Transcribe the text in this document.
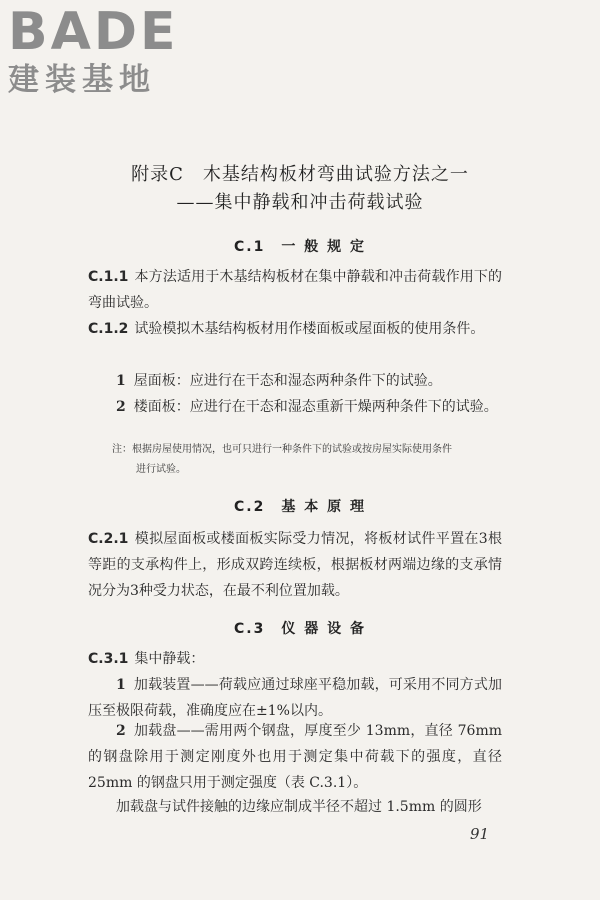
BADE
建装基地
附录C　木基结构板材弯曲试验方法之一
——集中静载和冲击荷载试验
C.1　一 般 规 定
C.1.1 本方法适用于木基结构板材在集中静载和冲击荷载作用下的弯曲试验。
C.1.2 试验模拟木基结构板材用作楼面板或屋面板的使用条件。
1 屋面板：应进行在干态和湿态两种条件下的试验。
2 楼面板：应进行在干态和湿态重新干燥两种条件下的试验。
注：根据房屋使用情况，也可只进行一种条件下的试验或按房屋实际使用条件
进行试验。
C.2　基 本 原 理
C.2.1 模拟屋面板或楼面板实际受力情况，将板材试件平置在3根等距的支承构件上，形成双跨连续板，根据板材两端边缘的支承情况分为3种受力状态，在最不利位置加载。
C.3　仪 器 设 备
C.3.1 集中静载：
1 加载装置——荷载应通过球座平稳加载，可采用不同方式加压至极限荷载，准确度应在±1%以内。
2 加载盘——需用两个钢盘，厚度至少 13mm，直径 76mm 的钢盘除用于测定刚度外也用于测定集中荷载下的强度，直径 25mm 的钢盘只用于测定强度（表 C.3.1）。
加载盘与试件接触的边缘应制成半径不超过 1.5mm 的圆形
91
